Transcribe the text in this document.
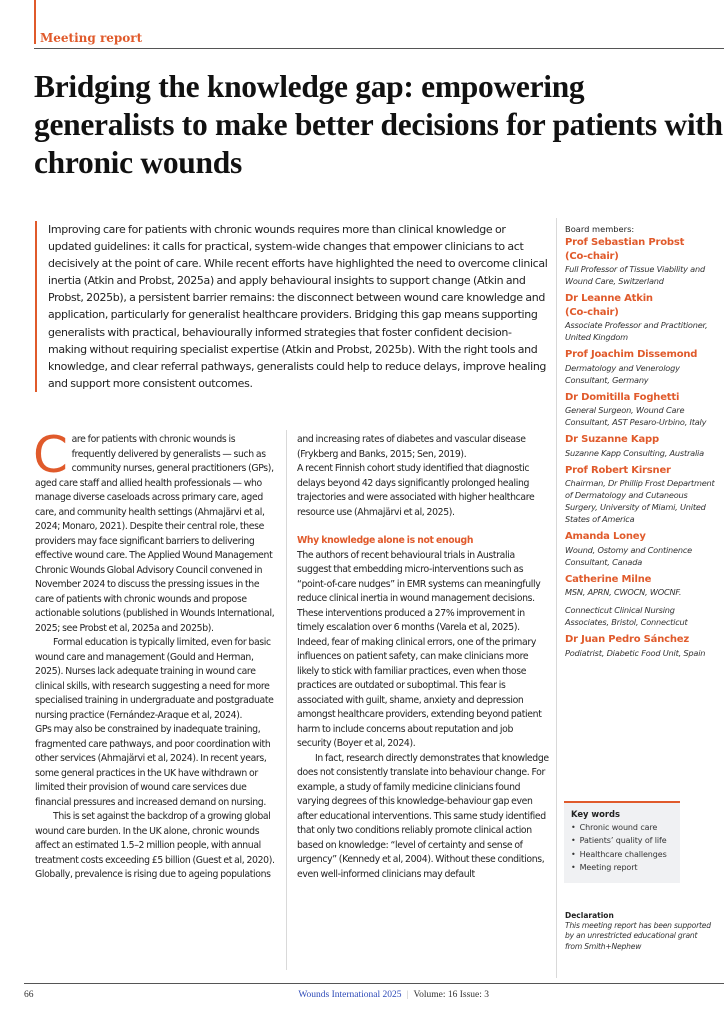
Meeting report
Bridging the knowledge gap: empowering generalists to make better decisions for patients with chronic wounds
Improving care for patients with chronic wounds requires more than clinical knowledge or updated guidelines: it calls for practical, system-wide changes that empower clinicians to act decisively at the point of care. While recent efforts have highlighted the need to overcome clinical inertia (Atkin and Probst, 2025a) and apply behavioural insights to support change (Atkin and Probst, 2025b), a persistent barrier remains: the disconnect between wound care knowledge and application, particularly for generalist healthcare providers. Bridging this gap means supporting generalists with practical, behaviourally informed strategies that foster confident decision-making without requiring specialist expertise (Atkin and Probst, 2025b). With the right tools and knowledge, and clear referral pathways, generalists could help to reduce delays, improve healing and support more consistent outcomes.

Care for patients with chronic wounds is frequently delivered by generalists — such as community nurses, general practitioners (GPs), aged care staff and allied health professionals — who manage diverse caseloads across primary care, aged care, and community health settings (Ahmajärvi et al, 2024; Monaro, 2021). Despite their central role, these providers may face significant barriers to delivering effective wound care. The Applied Wound Management Chronic Wounds Global Advisory Council convened in November 2024 to discuss the pressing issues in the care of patients with chronic wounds and propose actionable solutions (published in Wounds International, 2025; see Probst et al, 2025a and 2025b).

Formal education is typically limited, even for basic wound care and management (Gould and Herman, 2025). Nurses lack adequate training in wound care clinical skills, with research suggesting a need for more specialised training in undergraduate and postgraduate nursing practice (Fernández-Araque et al, 2024).

GPs may also be constrained by inadequate training, fragmented care pathways, and poor coordination with other services (Ahmajärvi et al, 2024). In recent years, some general practices in the UK have withdrawn or limited their provision of wound care services due financial pressures and increased demand on nursing.

This is set against the backdrop of a growing global wound care burden. In the UK alone, chronic wounds affect an estimated 1.5–2 million people, with annual treatment costs exceeding £5 billion (Guest et al, 2020). Globally, prevalence is rising due to ageing populations

and increasing rates of diabetes and vascular disease (Frykberg and Banks, 2015; Sen, 2019).

A recent Finnish cohort study identified that diagnostic delays beyond 42 days significantly prolonged healing trajectories and were associated with higher healthcare resource use (Ahmajärvi et al, 2025).

Why knowledge alone is not enough

The authors of recent behavioural trials in Australia suggest that embedding micro-interventions such as “point-of-care nudges” in EMR systems can meaningfully reduce clinical inertia in wound management decisions. These interventions produced a 27% improvement in timely escalation over 6 months (Varela et al, 2025). Indeed, fear of making clinical errors, one of the primary influences on patient safety, can make clinicians more likely to stick with familiar practices, even when those practices are outdated or suboptimal. This fear is associated with guilt, shame, anxiety and depression amongst healthcare providers, extending beyond patient harm to include concerns about reputation and job security (Boyer et al, 2024).

In fact, research directly demonstrates that knowledge does not consistently translate into behaviour change. For example, a study of family medicine clinicians found varying degrees of this knowledge-behaviour gap even after educational interventions. This same study identified that only two conditions reliably promote clinical action based on knowledge: “level of certainty and sense of urgency” (Kennedy et al, 2004). Without these conditions, even well-informed clinicians may default

Board members:
Prof Sebastian Probst
(Co-chair)
Full Professor of Tissue Viability and Wound Care, Switzerland
Dr Leanne Atkin
(Co-chair)
Associate Professor and Practitioner, United Kingdom
Prof Joachim Dissemond
Dermatology and Venerology Consultant, Germany
Dr Domitilla Foghetti
General Surgeon, Wound Care Consultant, AST Pesaro-Urbino, Italy
Dr Suzanne Kapp
Suzanne Kapp Consulting, Australia
Prof Robert Kirsner
Chairman, Dr Phillip Frost Department of Dermatology and Cutaneous Surgery, University of Miami, United States of America
Amanda Loney
Wound, Ostomy and Continence Consultant, Canada
Catherine Milne
MSN, APRN, CWOCN, WOCNF.
Connecticut Clinical Nursing Associates, Bristol, Connecticut
Dr Juan Pedro Sánchez
Podiatrist, Diabetic Food Unit, Spain
Key words
• Chronic wound care
• Patients’ quality of life
• Healthcare challenges
• Meeting report
Declaration
This meeting report has been supported by an unrestricted educational grant from Smith+Nephew
66	Wounds International 2025 | Volume: 16 Issue: 3
